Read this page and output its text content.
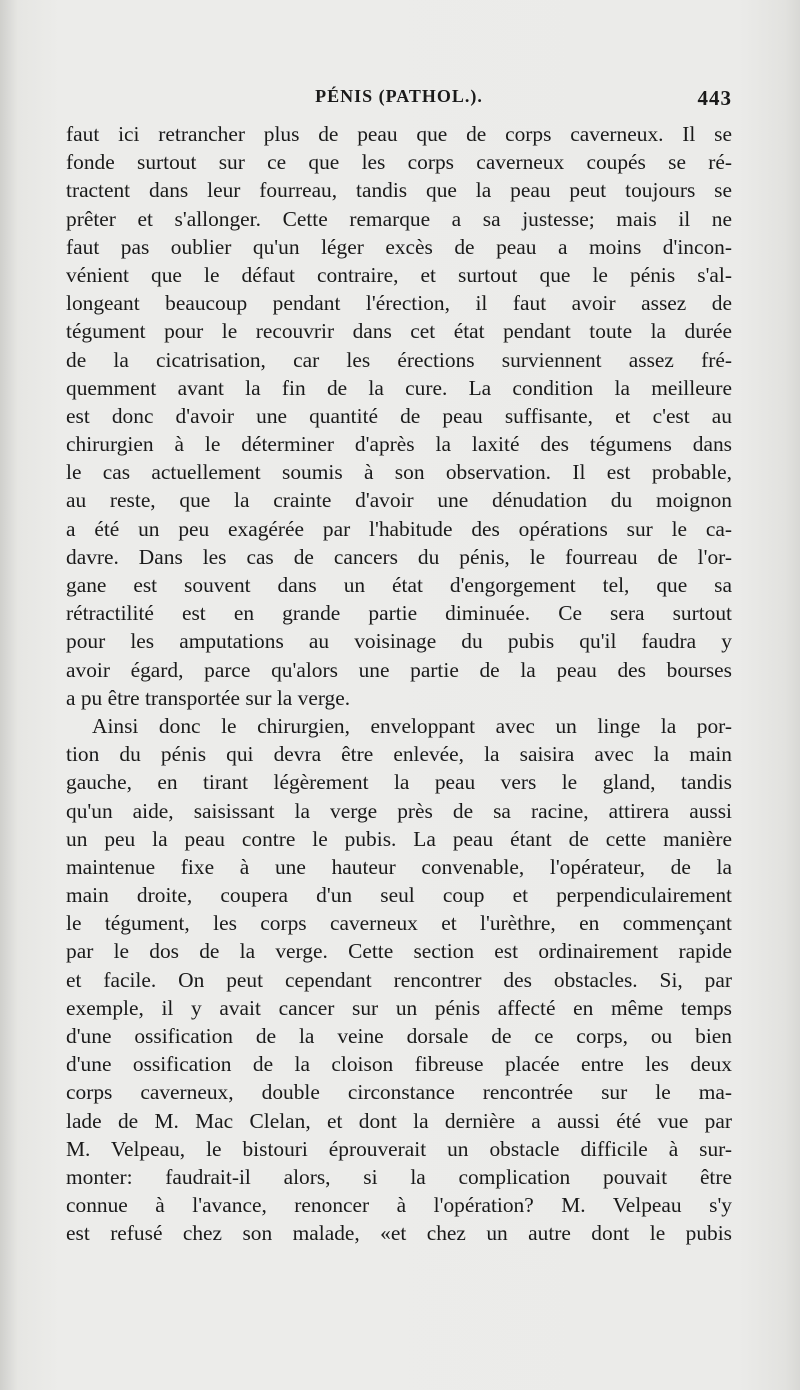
PÉNIS (PATHOL.).	443
faut ici retrancher plus de peau que de corps caverneux. Il se
fonde surtout sur ce que les corps caverneux coupés se ré-
tractent dans leur fourreau, tandis que la peau peut toujours se
prêter et s'allonger. Cette remarque a sa justesse; mais il ne
faut pas oublier qu'un léger excès de peau a moins d'incon-
vénient que le défaut contraire, et surtout que le pénis s'al-
longeant beaucoup pendant l'érection, il faut avoir assez de
tégument pour le recouvrir dans cet état pendant toute la durée
de la cicatrisation, car les érections surviennent assez fré-
quemment avant la fin de la cure. La condition la meilleure
est donc d'avoir une quantité de peau suffisante, et c'est au
chirurgien à le déterminer d'après la laxité des tégumens dans
le cas actuellement soumis à son observation. Il est probable,
au reste, que la crainte d'avoir une dénudation du moignon
a été un peu exagérée par l'habitude des opérations sur le ca-
davre. Dans les cas de cancers du pénis, le fourreau de l'or-
gane est souvent dans un état d'engorgement tel, que sa
rétractilité est en grande partie diminuée. Ce sera surtout
pour les amputations au voisinage du pubis qu'il faudra y
avoir égard, parce qu'alors une partie de la peau des bourses
a pu être transportée sur la verge.
Ainsi donc le chirurgien, enveloppant avec un linge la por-
tion du pénis qui devra être enlevée, la saisira avec la main
gauche, en tirant légèrement la peau vers le gland, tandis
qu'un aide, saisissant la verge près de sa racine, attirera aussi
un peu la peau contre le pubis. La peau étant de cette manière
maintenue fixe à une hauteur convenable, l'opérateur, de la
main droite, coupera d'un seul coup et perpendiculairement
le tégument, les corps caverneux et l'urèthre, en commençant
par le dos de la verge. Cette section est ordinairement rapide
et facile. On peut cependant rencontrer des obstacles. Si, par
exemple, il y avait cancer sur un pénis affecté en même temps
d'une ossification de la veine dorsale de ce corps, ou bien
d'une ossification de la cloison fibreuse placée entre les deux
corps caverneux, double circonstance rencontrée sur le ma-
lade de M. Mac Clelan, et dont la dernière a aussi été vue par
M. Velpeau, le bistouri éprouverait un obstacle difficile à sur-
monter: faudrait-il alors, si la complication pouvait être
connue à l'avance, renoncer à l'opération? M. Velpeau s'y
est refusé chez son malade, «et chez un autre dont le pubis
